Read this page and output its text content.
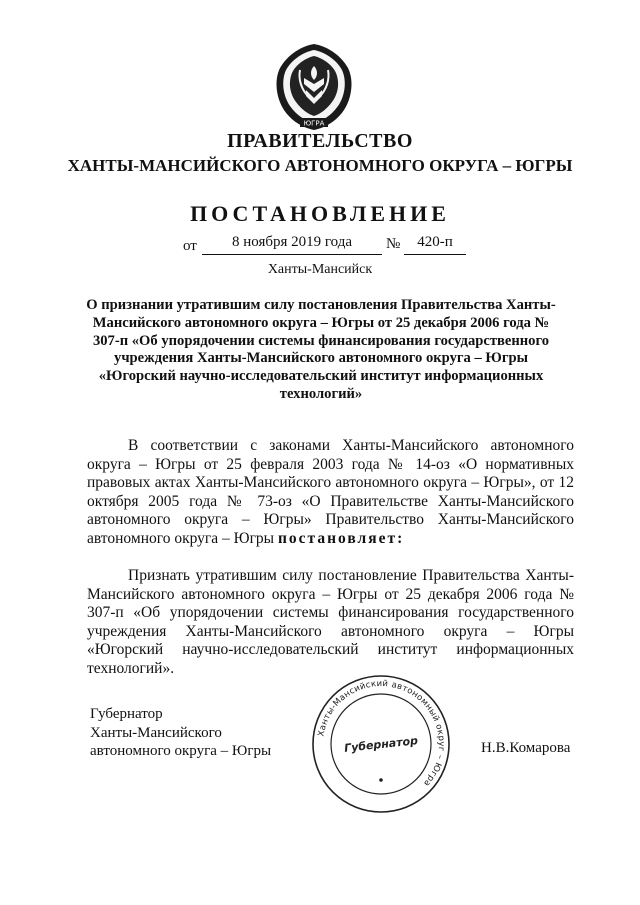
ЮГРА
ПРАВИТЕЛЬСТВО
ХАНТЫ-МАНСИЙСКОГО АВТОНОМНОГО ОКРУГА – ЮГРЫ
ПОСТАНОВЛЕНИЕ
от	8 ноября 2019 года	№	420-п
Ханты-Мансийск
О признании утратившим силу постановления Правительства Ханты-Мансийского автономного округа – Югры от 25 декабря 2006 года № 307-п «Об упорядочении системы финансирования государственного учреждения Ханты-Мансийского автономного округа – Югры «Югорский научно-исследовательский институт информационных технологий»
В соответствии с законами Ханты-Мансийского автономного округа – Югры от 25 февраля 2003 года № 14-оз «О нормативных правовых актах Ханты-Мансийского автономного округа – Югры», от 12 октября 2005 года № 73-оз «О Правительстве Ханты-Мансийского автономного округа – Югры» Правительство Ханты-Мансийского автономного округа – Югры постановляет:
Признать утратившим силу постановление Правительства Ханты-Мансийского автономного округа – Югры от 25 декабря 2006 года № 307-п «Об упорядочении системы финансирования государственного учреждения Ханты-Мансийского автономного округа – Югры «Югорский научно-исследовательский институт информационных технологий».
Губернатор
Ханты-Мансийского
автономного округа – Югры
Ханты-Мансийский автономный округ – Югра
Губернатор	Н.В.Комарова
